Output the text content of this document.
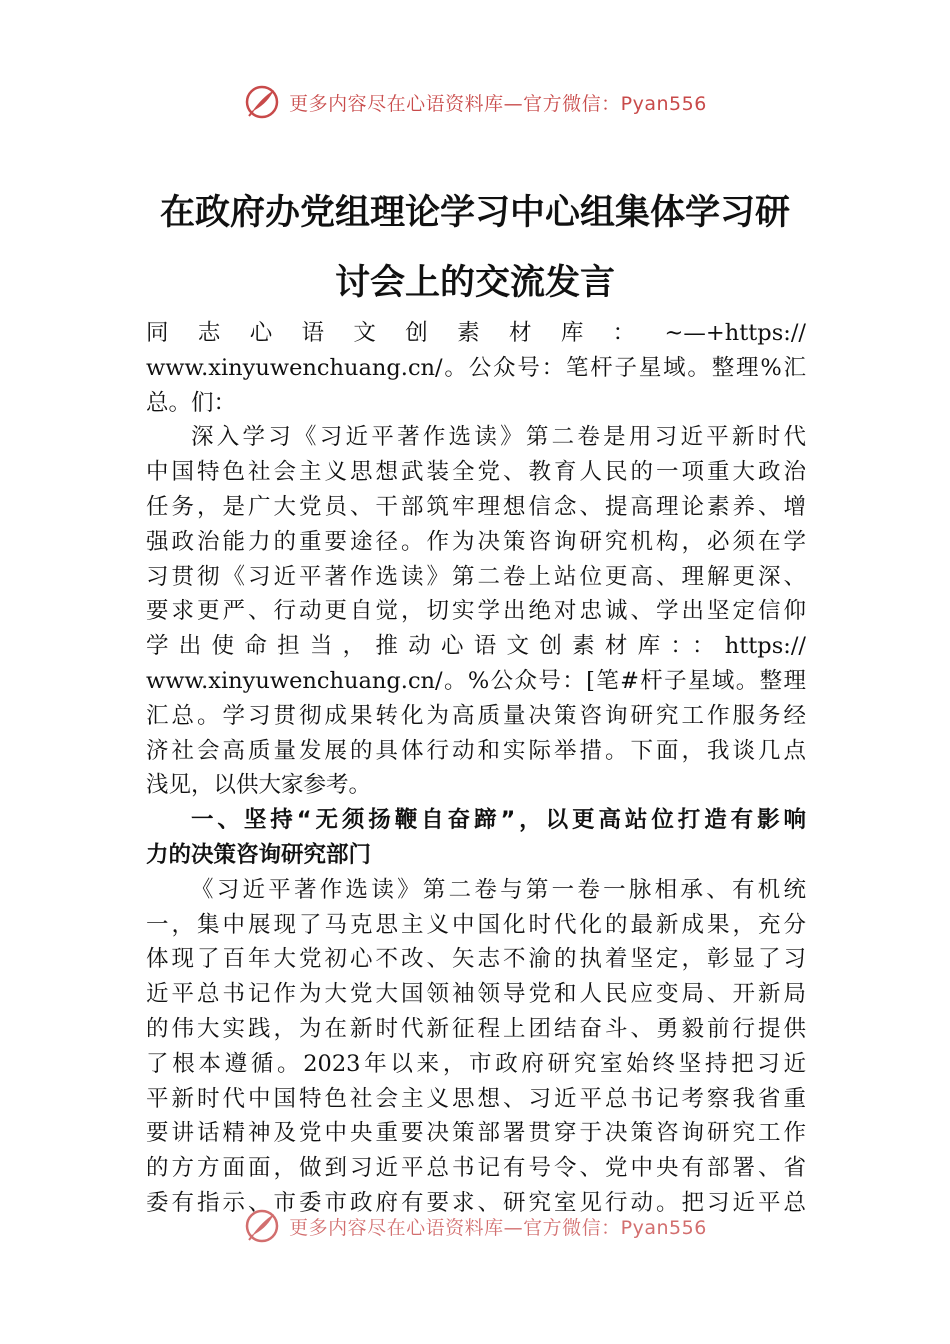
更多内容尽在心语资料库—官方微信：Pyan556
在政府办党组理论学习中心组集体学习研
讨会上的交流发言
同志心语文创素材库：~—+https://
www.xinyuwenchuang.cn/。公众号：笔杆子星域。整理%汇
总。们：
深入学习《习近平著作选读》第二卷是用习近平新时代
中国特色社会主义思想武装全党、教育人民的一项重大政治
任务，是广大党员、干部筑牢理想信念、提高理论素养、增
强政治能力的重要途径。作为决策咨询研究机构，必须在学
习贯彻《习近平著作选读》第二卷上站位更高、理解更深、
要求更严、行动更自觉，切实学出绝对忠诚、学出坚定信仰
学出使命担当，推动心语文创素材库：：https://
www.xinyuwenchuang.cn/。%公众号：[笔#杆子星域。整理
汇总。学习贯彻成果转化为高质量决策咨询研究工作服务经
济社会高质量发展的具体行动和实际举措。下面，我谈几点
浅见，以供大家参考。
一、坚持“无须扬鞭自奋蹄”，以更高站位打造有影响
力的决策咨询研究部门
《习近平著作选读》第二卷与第一卷一脉相承、有机统
一，集中展现了马克思主义中国化时代化的最新成果，充分
体现了百年大党初心不改、矢志不渝的执着坚定，彰显了习
近平总书记作为大党大国领袖领导党和人民应变局、开新局
的伟大实践，为在新时代新征程上团结奋斗、勇毅前行提供
了根本遵循。2023年以来，市政府研究室始终坚持把习近
平新时代中国特色社会主义思想、习近平总书记考察我省重
要讲话精神及党中央重要决策部署贯穿于决策咨询研究工作
的方方面面，做到习近平总书记有号令、党中央有部署、省
委有指示、市委市政府有要求、研究室见行动。把习近平总
更多内容尽在心语资料库—官方微信：Pyan556
